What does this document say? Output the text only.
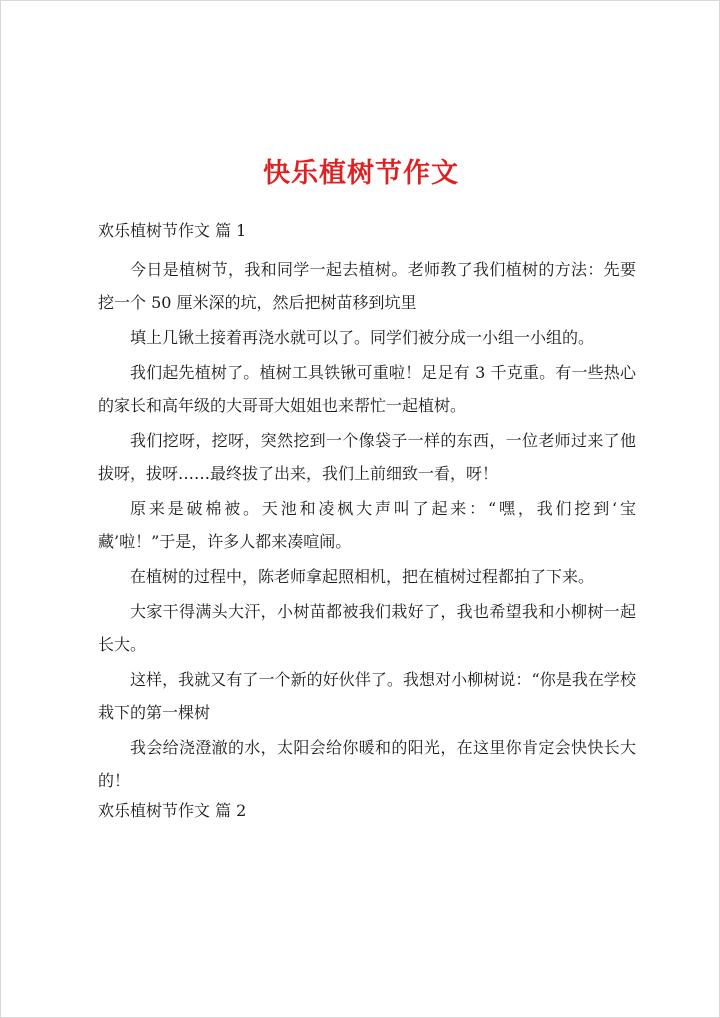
快乐植树节作文
欢乐植树节作文 篇 1

今日是植树节，我和同学一起去植树。老师教了我们植树的方法：先要挖一个 50 厘米深的坑，然后把树苗移到坑里

填上几锹土接着再浇水就可以了。同学们被分成一小组一小组的。

我们起先植树了。植树工具铁锹可重啦！足足有 3 千克重。有一些热心的家长和高年级的大哥哥大姐姐也来帮忙一起植树。

我们挖呀，挖呀，突然挖到一个像袋子一样的东西，一位老师过来了他拔呀，拔呀……最终拔了出来，我们上前细致一看，呀！

原来是破棉被。天池和凌枫大声叫了起来：“嘿，我们挖到‘宝藏’啦！”于是，许多人都来凑喧闹。

在植树的过程中，陈老师拿起照相机，把在植树过程都拍了下来。

大家干得满头大汗，小树苗都被我们栽好了，我也希望我和小柳树一起长大。

这样，我就又有了一个新的好伙伴了。我想对小柳树说：“你是我在学校栽下的第一棵树

我会给浇澄澈的水，太阳会给你暖和的阳光，在这里你肯定会快快长大的！

欢乐植树节作文 篇 2
